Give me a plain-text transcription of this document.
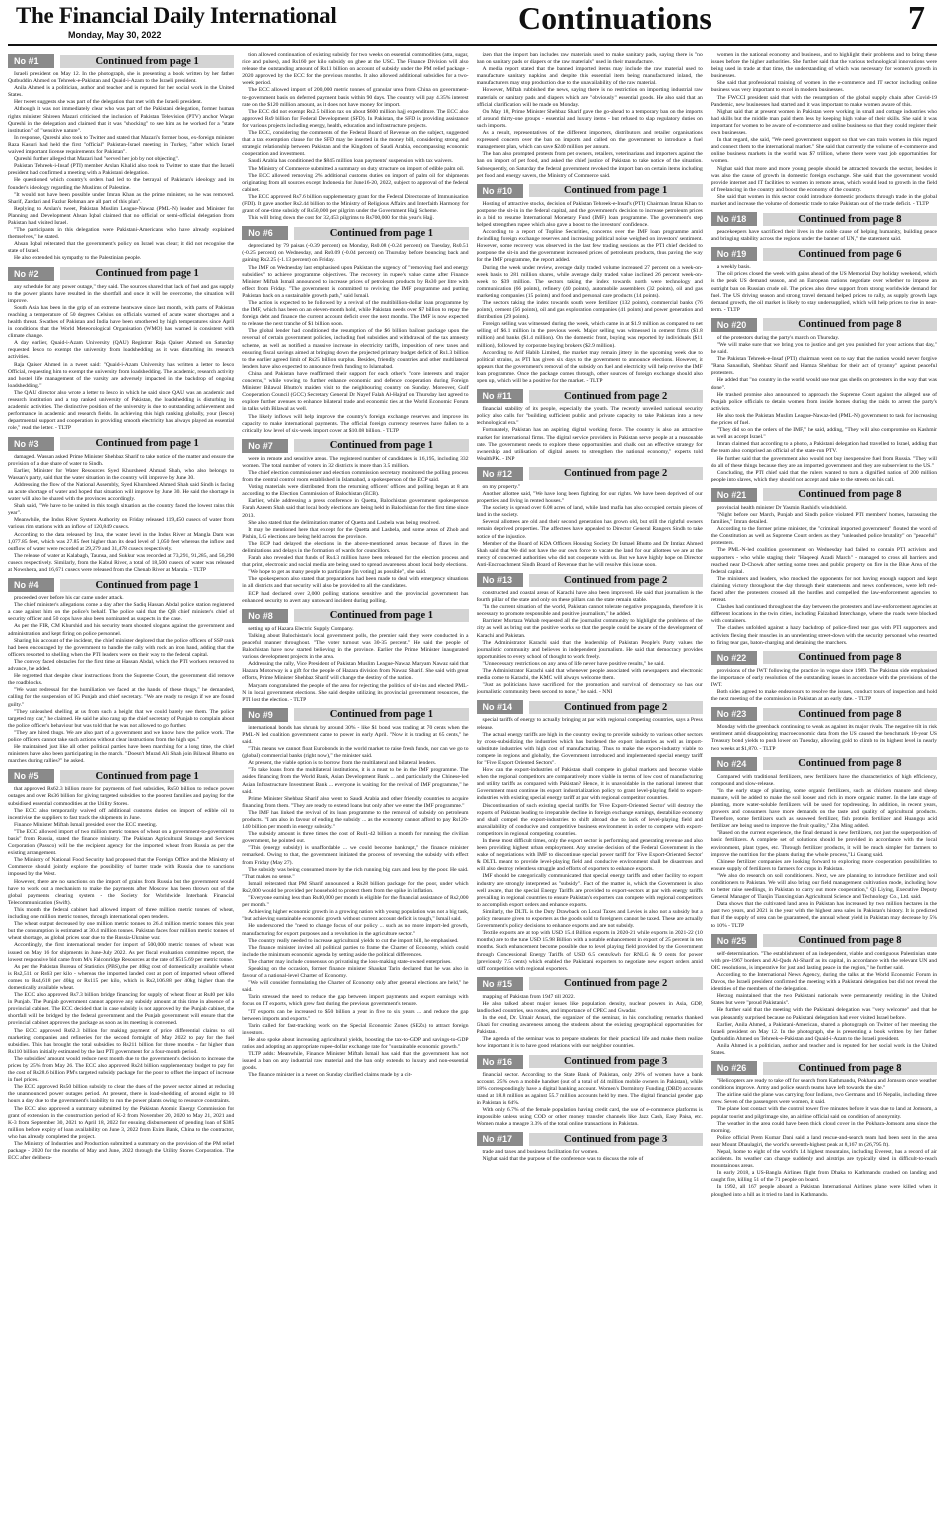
The Financial Daily International
Monday, May 30, 2022	Continuations	7
No #1	Continued from page 1

Israeli president on May 12. In the photograph, she is presenting a book written by her father Qutbuddin Ahmed on Tehreek-e-Pakistan and Quaid-i-Azam to the Israeli president.

Anila Ahmed is a politician, author and teacher and is reputed for her social work in the United States.

Her tweet suggests she was part of the delegation that met with the Israeli president.

Although it was not immediately clear who was part of the Pakistani delegation, former human rights minister Shireen Mazari criticised the inclusion of Pakistan Television (PTV) anchor Waqar Qureshi in the delegation and claimed that it was "shocking" to see him as he worked for a "state institution" of "sensitive nature".

In response, Qureshi also took to Twitter and stated that Mazari's former boss, ex-foreign minister Raza Kasuri had held the first "official" Pakistan-Israel meeting in Turkey, "after which Israel waived important license requirements for Pakistan".

Qureshi further alleged that Mazari had "served her job by not objecting".

Pakistan Tehreek-i-Insaf (PTI) member Arslan Khalid also took to Twitter to state that the Israeli president had confirmed a meeting with a Pakistani delegation.

He questioned which country's orders had led to the betrayal of Pakistan's ideology and its founder's ideology regarding the Muslims of Palestine.

"It would not have been possible under Imran Khan as the prime minister, so he was removed. Sharif, Zardari and Fazlur Rehman are all part of this plan".

Replying to Arslan's tweet, Pakistan Muslim League-Nawaz (PML-N) leader and Minister for Planning and Development Ahsan Iqbal claimed that no official or semi-official delegation from Pakistan had visited Israel.

"The participants in this delegation were Pakistani-Americans who have already explained themselves," he stated.

Ahsan Iqbal reiterated that the government's policy on Israel was clear; it did not recognise the state of Israel.

He also extended his sympathy to the Palestinian people.

No #2	Continued from page 1

any schedule for any power outage," they said. The sources shared that lack of fuel and gas supply to the power plants have resulted in the shortfall and once it will be overcome, the situation will improve.

South Asia has been in the grip of an extreme heatwave since last month, with parts of Pakistan reaching a temperature of 50 degrees Celsius on officials warned of acute water shortages and a health threat. Swathes of Pakistan and India have been smothered by high temperatures since April in conditions that the World Meteorological Organisation (WMO) has warned is consistent with climate change.

A day earlier, Quaid-i-Azam University (QAU) Registrar Raja Qaiser Ahmed on Saturday requested Iesco to exempt the university from loadshedding as it was disturbing its research activities.

Raja Qaiser Ahmed in a tweet said: "Quaid-i-Azam University has written a letter to Iesco Official, requesting him to exempt the university from loadshedding. The academic, research activity and hostel life management of the varsity are adversely impacted in the backdrop of ongoing loadshedding."

The QAU director also wrote a letter to Iesco in which he said since QAU was an academic and research institution and a top ranked university of Pakistan, the loadshedding is disturbing its academic activities. The distinctive position of the university is due to outstanding achievement and performance in academic and research fields. In achieving this high ranking globally, your (Iesco) departmental support and cooperation in providing smooth electricity has always played an essential role," read the letter. - TLTP

No #3	Continued from page 1

damaged. Wassan asked Prime Minister Shehbaz Sharif to take notice of the matter and ensure the provision of a due share of water to Sindh.

Earlier, Minister for Water Resources Syed Khursheed Ahmad Shah, who also belongs to Wassan's party, said that the water situation in the country will improve by June 30.

Addressing the flow of the National Assembly, Syed Khursheed Ahmed Shah said Sindh is facing an acute shortage of water and hoped that situation will improve by June 30. He said the shortage in water will also be shared with the provinces accordingly.

Shah said, "We have to be united in this tough situation as the country faced the lowest rains this year".

Meanwhile, the Indus River System Authority on Friday released 119,450 cusecs of water from various rim stations with an inflow of 120,849 cusecs.

According to the data released by Irsa, the water level in the Indus River at Mangla Dam was 1,077.85 feet, which was 27.85 feet higher than its dead level of 1,050 feet whereas the inflow and outflow of water were recorded at 29,279 and 31,478 cusecs respectively.

The release of water at Kalabagh, Taunsa, and Sukkur was recorded at 73,291, 91,285, and 56,290 cusecs respectively. Similarly, from the Kabul River, a total of 18,500 cusecs of water was released at Nowshera, and 16,671 cusecs were released from the Chenab River at Marala. - TLTP

No #4	Continued from page 1

proceeded over before his car came under attack.

The chief minister's allegations come a day after the Sadiq Hassan Abdal police station registered a case against him on the police's behalf. The police said that the QB chief minister's chief of security officer and 50 cops have also been nominated as suspects in the case.

As per the FIR, CM Khurshid and his security team shouted slogans against the government and administration and kept firing on police personnel.

Sharing his account of the incident, the chief minister deplored that the police officers of SSP rank had been encouraged by the government to handle the rally with rock an iron hand, adding that the officers resorted to shelling when the PTI leaders were on their way to the federal capital.

The convoy faced obstacles for the first time at Hassan Abdal, which the PTI workers removed to advance, he added.

He regretted that despite clear instructions from the Supreme Court, the government did remove the roadblocks.

"We want redressal for the humiliation we faced at the hands of these thugs," he demanded, calling for the suspension of IG Punjab and chief secretary. "We are ready to resign if we are found guilty."

"They unleashed shelling at us from such a height that we could barely see them. The police targeted my car," he claimed. He said he also rang up the chief secretary of Punjab to complain about the police officer's behaviour but was told that he was not allowed to go further.

"They are hired thugs. We are also part of a government and we know how the police work. The police officers cannot take such actions without clear instructions from the high ups."

He maintained just like all other political parties have been marching for a long time, the chief ministers have also been participating in the march. "Doesn't Murad Ali Shah join Bilawal Bhutto on marches during rallies?" he asked.

No #5	Continued from page 1

that approved Rs62.3 billion more for payments of fuel subsidies, Rs50 billion to reduce power outages and over Rs36 billion for giving targeted subsidies to the poorest families and paying for the subsidised essential commodities at the Utility Stores.

The ECC also temporarily waived off additional customs duties on import of edible oil to incentivise the suppliers to fast track the shipments in June.

Finance Minister Miftah Ismail presided over the ECC meeting.

"The ECC allowed import of two million metric tonnes of wheat on a government-to-government basis" from Russia, stated the finance ministry. The Pakistan Agricultural Storage and Services Corporation (Passco) will be the recipient agency for the imported wheat from Russia as per the existing arrangement.

The Ministry of National Food Security had proposed that the Foreign Office and the Ministry of Commerce should jointly explore the possibility of barter trade with Russia due to sanctions imposed by the West.

However, there are no sanctions on the import of grains from Russia but the government would have to work out a mechanism to make the payments after Moscow has been thrown out of the global payments clearing system - the Society for Worldwide Interbank Financial Telecommunication (Swift).

This month the federal cabinet had allowed import of three million metric tonnes of wheat, including one million metric tonnes, through international open tenders.

The wheat output decreased by one million metric tonnes to 26.4 million metric tonnes this year but the consumption is estimated at 30.4 million tonnes. Pakistan faces four million metric tonnes of wheat shortage, as global prices soar due to the Russia-Ukraine war.

Accordingly, the first international tender for import of 500,000 metric tonnes of wheat was issued on May 16 for shipments in June-July 2022. As per fiscal evaluation committee report, the lowest responsive bid came from M/s Falconridge Resources at the rate of $515.69 per metric tonne.

As per the Pakistan Bureau of Statistics (PBS),the per 40kg cost of domestically available wheat is Rs2,511 or Rs63 per kilo - whereas the imported landed cost at port of imported wheat offered comes to Rs4,618 per 40kg or Rs115 per kilo, which is Rs2,106.88 per 40kg higher than the domestically available wheat.

The ECC also approved Rs7.3 billion bridge financing for supply of wheat flour at Rs40 per kilo in Punjab. The Punjab government cannot approve any subsidy amount at this time in absence of a provincial cabinet. The ECC decided that in case subsidy is not approved by the Punjab cabinet, the shortfall will be bridged by the federal government and the Punjab government will ensure that the provincial cabinet approves the package as soon as its meeting is convened.

The ECC approved Rs62.3 billion for making payment of price differential claims to oil marketing companies and refineries for the second fortnight of May 2022 to pay for the fuel subsidies. This has brought the total subsidies to Rs211 billion for three months - far higher than Rs110 billion initially estimated by the last PTI government for a four-month period.

The subsidies' amount would reduce next month due to the government's decision to increase the prices by 25% from May 26. The ECC also approved Rs24 billion supplementary budget to pay for the cost of Rs28.6 billion PM's targeted subsidy package for the poor to offset the impact of increase in fuel prices.

The ECC approved Rs50 billion subsidy to clear the dues of the power sector aimed at reducing the unannounced power outages period. At present, there is load-shedding of around eight to 10 hours a day due to the government's inability to run the power plants owing to resource constraints.

The ECC also approved a summary submitted by the Pakistan Atomic Energy Commission for grant of extension in the construction period of K-2 from November 20, 2020 to May 21, 2021 and K-3 from September 30, 2021 to April 18, 2022 for ensuing disbursement of pending loan of $385 million before expiry of loan availability on June 3, 2022 from Exim Bank, China to the contractor, who has already completed the project.

The Ministry of Industries and Production submitted a summary on the provision of the PM relief package - 2020 for the months of May and June, 2022 through the Utility Stores Corporation. The ECC after delibera-

tion allowed continuation of existing subsidy for two weeks on essential commodities (atta, sugar, rice and pulses), and Rs160 per kilo subsidy on ghee at the USC. The Finance Division will also release the outstanding amount of Rs11 billion on account of subsidy under the PM relief package - 2020 approved by the ECC for the previous months. It also allowed additional subsidies for a two-week period.

The ECC allowed import of 200,000 metric tonnes of granular urea from China on government-to-government basis on deferred payment basis within 90 days. The country will pay 4.35% interest rate on the $120 million amount, as it does not have money for import.

The ECC did not exempt Rs2.5 billion tax on about $600 million hajj expenditure. The ECC also approved Rs9 billion for Federal Development (SFD). In Pakistan, the SFD is providing assistance for various projects including energy, health, education and infrastructure projects.

The ECC, considering the comments of the Federal Board of Revenue on the subject, suggested that a tax exemption clause for the SFD may be inserted in the money bill, considering strong and strategic relationship between Pakistan and the Kingdom of Saudi Arabia, encompassing economic cooperation and investment.

Saudi Arabia has conditioned the $845 million loan payments' suspension with tax waivers.

The Ministry of Commerce submitted a summary on duty structure on import of edible palm oil.

The ECC allowed removing 2% additional customs duties on import of palm oil for shipments originating from all sources except Indonesia for June16-20, 2022, subject to approval of the federal cabinet.

The ECC approved Rs7.6 billion supplementary grant for the Federal Directorate of Immunisation (FDI). It gave another Rs2.44 billion to the Ministry of Religious Affairs and Interfaith Harmony for grant of one-time subsidy of Rs50,000 per pilgrim under the Government Hajj Scheme.

This will bring down the cost for 32,453 pilgrims to Rs700,000 for this year's Hajj.

No #6	Continued from page 1

depreciated by 79 paisas (-0.39 percent) on Monday, Rs0.08 (-0.24 percent) on Tuesday, Rs0.51 (-0.25 percent) on Wednesday, and Rs0.09 (-0.04 percent) on Thursday before bouncing back and gaining Rs2.25 (-1.13 percent) on Friday.

The IMF on Wednesday last emphasised upon Pakistan the urgency of "removing fuel and energy subsidies" to achieve programme objectives. The recovery in rupee's value came after Finance Minister Miftah Ismail announced to increase prices of petroleum products by Rs30 per litre with effect from Friday. "The government is committed to reviving the IMF programme and putting Pakistan back on a sustainable growth path," said Ismail.

The action is expected to be followed by a revival of the multibillion-dollar loan programme by the IMF, which has been on an eleven-month hold, while Pakistan needs over $7 billion to repay the foreign debt and finance the current account deficit over the next months. The IMF is now expected to release the next tranche of $1 billion soon.

The global lender had conditioned the resumption of the $6 billion bailout package upon the reversal of certain government policies, including fuel subsidies and withdrawal of the tax amnesty scheme, as well as notified a massive increase in electricity tariffs, imposition of new taxes and ensuring fiscal savings aimed at bringing down the projected primary budget deficit of Rs1.3 billion to the earlier agreed limit of Rs25 billion surplus. Besides, friendly countries and other multilateral lenders have also expected to announce fresh funding to Islamabad.

China and Pakistan have reaffirmed their support for each other's "core interests and major concerns," while vowing to further enhance economic and defence cooperation during Foreign Minister Bilawal Bhutto's maiden visit to the neighbouring country on Sunday. Moreover, Gulf Cooperation Council (GCC) Secretary General Dr Nayef Falah Al-Hajraf on Thursday last agreed to explore further avenues to enhance bilateral trade and economic ties at the World Economic Forum in talks with Bilawal as well.

The likely inflows will help improve the country's foreign exchange reserves and improve its capacity to make international payments. The official foreign currency reserves have fallen to a critically low level of six-week import cover at $10.08 billion. - TLTP

No #7	Continued from page 1

were in remote and sensitive areas. The registered number of candidates is 16,195, including 332 women. The total number of voters in 32 districts is more than 3.5 million.

The chief election commissioner and election commission secretary monitored the polling process from the central control room established in Islamabad, a spokesperson of the ECP said.

Voting materials were distributed from the returning officers' offices and polling began at 8 am according to the Election Commission of Balochistan (ECB).

Earlier, while addressing a press conference in Quetta, Balochistan government spokesperson Farah Azeem Shah said that local body elections are being held in Balochistan for the first time since 2013.

She also stated that the delimitation matter of Quetta and Lasbela was being resolved.

It may be mentioned here that except for the Quetta and Lasbela, and some areas of Zhob and Pishin, LG elections are being held across the province.

The ECP had delayed the elections in the above-mentioned areas because of flaws in the delimitations and delays in the formation of wards for councillors.

Farah also revealed that funds of Rs4.3 million have been released for the election process and that print, electronic and social media are being used to spread awareness about local body elections.

"We hope to get as many people to participate [in voting] as possible", she said.

The spokesperson also stated that preparations had been made to deal with emergency situations in all districts and that security will also be provided to all the candidates.

ECP had declared over 2,000 polling stations sensitive and the provincial government has enhanced security to avert any untoward incident during polling.

No #8	Continued from page 1

setting up of Hazara Electric Supply Company.

Talking about Balochistan's local government polls, the premier said they were conducted in a peaceful manner throughout. "The voter turnout was 30-35 percent." He said the people of Balochistan have now started believing in the province. Earlier the Prime Minister inaugurated various development projects in the area.

Addressing the rally, Vice President of Pakistan Muslim League-Nawaz Maryam Nawaz said that Hazara Motorway is a gift for the people of Hazara division from Nawaz Sharif. She said with great efforts, Prime Minister Shehbaz Sharif will change the destiny of the nation.

Maryam congratulated the people of the area for rejecting the politics of sit-ins and elected PML-N in local government elections. She said despite utilizing its provincial government resources, the PTI lost the election. - TLTP

No #9	Continued from page 1

international bonds has shrunk by around 30% - like $1 bond was trading at 70 cents when the PML-N led coalition government came to power in early April. "Now it is trading at 65 cents," he said.

"This means we cannot float Eurobonds in the world market to raise fresh funds, nor can we go to (global) commercial banks (right now)," the minister said.

At present, the viable option is to borrow from the multilateral and bilateral lenders.

"To take loans from the multilateral institutions, it is a must to be in the IMF programme. The asides financing from the World Bank, Asian Development Bank ... and particularly the Chinese-led Asian Infrastructure Investment Bank ... everyone is waiting for the revival of IMF programme," he said.

Prime Minister Shehbaz Sharif also went to Saudi Arabia and other friendly countries to acquire financing from them. "They are ready to extend loans but only after we enter the IMF programme."

The IMF has linked the revival of its loan programme to the removal of subsidy on petroleum products. "I am also in favour of ending the subsidy ... as the economy cannot afford to pay Rs120-140 billion per month in energy subsidy."

The subsidy amount is three times the cost of Rs41-42 billion a month for running the civilian government, he pointed out.

"This (energy subsidy) is unaffordable ... we could become bankrupt," the finance minister remarked. Owing to that, the government initiated the process of reversing the subsidy with effect from Friday (May 27).

The subsidy was being consumed more by the rich running big cars and less by the poor. He said. "That makes no sense."

Ismail reiterated that PM Sharif announced a Rs28 billion package for the poor, under which Rs2,000 would be provided per household to protect them from the spike in inflation.

"Everyone earning less than Rs40,000 per month is eligible for the financial assistance of Rs2,000 per month."

Achieving higher economic growth in a growing nation with young population was not a big task, "but achieving sustainable economic growth without current account deficit is tough," Ismail said.

He underscored the "need to change focus of our policy ... such as no more import-led growth, manufacturing for export purposes and a revolution in the agriculture sector."

The country really needed to increase agricultural yields to cut the import bill, he emphasised.

The finance minister invited all political parties to frame the Charter of Economy, which could include the minimum economic agenda by setting aside the political differences.

The charter may include consensus on privatising the loss-making state-owned enterprises.

Speaking on the occasion, former finance minister Shaukat Tarin declared that he was also in favour of a national-level Charter of Economy.

"We will consider formulating the Charter of Economy only after general elections are held," he said.

Tarin stressed the need to reduce the gap between import payments and export earnings with focus on IT exports, which grew fast during the previous government's tenure.

"IT exports can be increased to $50 billion a year in five to six years ... and reduce the gap between imports and exports."

Tarin called for fast-tracking work on the Special Economic Zones (SEZs) to attract foreign investors.

He also spoke about increasing agricultural yields, boosting the tax-to-GDP and savings-to-GDP ratios and adopting an appropriate rupee-dollar exchange rate for "sustainable economic growth."

TLTP adds: Meanwhile, Finance Minister Miftah Ismail has said that the government has not issued a ban on any industrial raw material and the ban only extends to luxury and non-essential goods.

The finance minister in a tweet on Sunday clarified claims made by a cit-

izen that the import ban includes raw materials used to make sanitary pads, saying there is "no ban on sanitary pads or diapers or the raw materials" used in their manufacture.

A media report stated that the banned imported items may include the raw material used to manufacture sanitary napkins and despite this essential item being manufactured inland, the manufacturers may stop production due to the unavailability of the raw material.

However, Miftah rubbished the news, saying there is no restriction on importing industrial raw materials or sanitary pads and diapers which are "obviously" essential goods. He also said that an official clarification will be made on Monday.

On May 18, Prime Minister Shehbaz Sharif gave the go-ahead to a temporary ban on the imports of around thirty-one groups - essential and luxury items - but refused to slap regulatory duties on such imports.

As a result, representatives of the different importers, distributors and retailer organisations expressed concern over the ban on imports and called on the government to introduce a fuel management plan, which can save $240 million per annum.

The ban also prompted protests from pet owners, retailers, veterinarians and importers against the ban on import of pet food, and asked the chief justice of Pakistan to take notice of the situation. Subsequently, on Saturday the federal government revoked the import ban on certain items including pet food and energy savers, the Ministry of Commerce said.

No #10	Continued from page 1

Hosting of attractive stocks, decision of Pakistan Tehreek-e-Insaf's (PTI) Chairman Imran Khan to postpone the sit-in in the federal capital, and the government's decision to increase petroleum prices in a bid to resume International Monetary Fund (IMF) loan programme. The government's step helped strengthen rupee which also gave a boost to the investors' confidence.

According to a report of Topline Securities, concerns over the IMF loan programme amid dwindling foreign exchange reserves and increasing political noise weighed on investors' sentiment. However, some recovery was observed in the last few trading sessions as the PTI chief decided to postpone the sit-in and the government increased prices of petroleum products, thus paving the way for the IMF programme, the report added.

During the week under review, average daily traded volume increased 27 percent on a week-on-week basis to 281 million shares, while average daily traded value inclined 26 percent week-on-week to $39 million. The sectors taking the index towards north were technology and communication (66 points), refinery (40 points), automobile assemblers (32 points), oil and gas marketing companies (15 points) and food and personal care products (14 points).

The sectors taking the index towards south were fertilizer (132 points), commercial banks (76 points), cement (56 points), oil and gas exploration companies (41 points) and power generation and distribution (29 points).

Foreign selling was witnessed during the week, which came in at $1.9 million as compared to net selling of $6.1 million in the previous week. Major selling was witnessed in cement firms ($1.8 million) and banks ($1.4 million). On the domestic front, buying was reported by individuals ($11 million), followed by corporate buying brokers ($2.9 million).

According to Arif Habib Limited, the market may remain jittery in the upcoming week due to political strains, as PTI has given six days to the government to announce elections. However, it appears that the government's removal of the subsidy on fuel and electricity will help revive the IMF loan programme. Once the package comes through, other sources of foreign exchange should also open up, which will be a positive for the market. - TLTP

No #11	Continued from page 2

financial stability of its people, especially the youth. The recently unveiled national security policy also calls for "building sufficient public and private capacity to take Pakistan into a new technological era."

Fortunately, Pakistan has an aspiring digital working force. The country is also an attractive market for international firms. The digital service providers in Pakistan serve people at a reasonable rate. The government needs to explore these opportunities and chalk out an effective strategy for ownership and utilisation of digital assets to strengthen the national economy," experts told WealthPK. - INP

No #12	Continued from page 2

on my property."

Another allottee said, "We have long been fighting for our rights. We have been deprived of our properties and living in rented houses."

The society is spread over 6.08 acres of land, while land mafia has also occupied certain pieces of land in the society.

Several allottees are old and their second generation has grown old, but still the rightful owners remain deprived properties. The affectees have appealed to Director General Rangers Sindh to take notice of the injustice.

Member of the Board of KDA Officers Housing Society Dr Ismael Bhutto and Dr Imtiaz Ahmed Shah said that We did not have the our own force to vacate the land for our allottees we are at the mercy of concerned authorities who did not cooperate with us. But we have highly hope on Director Anti-Encroachment Sindh Board of Revenue that he will resolve this issue soon.

No #13	Continued from page 2

constructed and coastal areas of Karachi have also been improved. He said that journalism is the fourth pillar of the state and only on these pillars can the state remain stable.

"In the current situation of the world, Pakistan cannot tolerate negative propaganda, therefore it is necessary to promote responsible and positive journalism," he added.

Barrister Murtaza Wahab requested all the journalist community to highlight the problems of the city as well as bring out the positive works so that the people could be aware of the development of Karachi and Pakistan.

The Administrator Karachi said that the leadership of Pakistan People's Party values the journalistic community and believes in independent journalism. He said that democracy provides opportunities to every school of thought to work freely.

"Unnecessary restrictions on any area of life never have positive results," he said.

The Administrator Karachi said that whenever people associated with newspapers and electronic media come to Karachi, the KMC will always welcome them.

"Just as politicians have sacrificed for the promotion and survival of democracy so has our journalistic community been second to none," he said. - NNI

No #14	Continued from page 2

special tariffs of energy to actually bringing at par with regional competing countries, says a Press release.

The actual energy tariffs are high in the country owing to provide subsidy to various other sectors by cross-subsidizing the industries which has burdened the export industries as well as import-substitute industries with high cost of manufacturing. Thus to make the export-industry viable to compete in regions and globally, the Government introduced and implemented special energy tariff for "Five Export Oriented Sectors".

How can the export-industries of Pakistan shall compete in global markets and become viable when the regional competitors are comparatively more viable in terms of low cost of manufacturing and utility tariffs as compared with Pakistan? Hence, it is unavoidable in the national interest that Government must continue its export industrialization policy to grant level-playing field to export-industries with existing special energy tariff at par with regional competitor countries.

Discontinuation of such existing special tariffs for 'Five Export-Oriented Sector' will destroy the exports of Pakistan leading to irreparable decline in foreign exchange earnings, destabilize economy and shall compel the export-industries to shift abroad due to lack of level-playing field and unavailability of conducive and competitive business environment in order to compete with export-competitors in regional competing countries.

In these most difficult times, only the export sector is performing and generating revenue and also been providing highest urban employment. Any unwise decision of the Federal Government in the wake of negotiations with IMF to discontinue special power tariff for 'Five Export-Oriented Sector' & DLTL meant to provide level-playing field and conducive environment shall be disastrous and will also destroy relentless struggle and efforts of exporters to enhance exports.

IMF should be categorically communicated that special energy tariffs and other facility to export industry are strongly interpreted as "subsidy". Fact of the matter is, which the Government is also well aware, that the special Energy Tariffs are provided to export-sectors at par with energy tariffs prevailing in regional countries to ensure Pakistan's exporters can compete with regional competitors to accomplish export orders and enhance exports.

Similarly, the DLTL is the Duty Drawback on Local Taxes and Levies is also not a subsidy but a policy measure given to exporters as the goods sold to foreigners cannot be taxed. These are actually Government's policy decisions to enhance exports and are not subsidy.

Textile exports are at top with USD 15.4 Billion exports in 2020-21 while exports in 2021-22 (10 months) are to the tune USD 15.98 Billion with a notable enhancement in export of 25 percent in ten months. Such enhancement become possible due to level playing field provided by the Government through Concessional Energy Tariffs of USD 6.5 cents/kwh for RNLG & 9 cents for power (previously 7.5 cents) which enabled the Pakistani exporters to negotiate new export orders amid stiff competition with regional exporters.

No #15	Continued from page 2

mapping of Pakistan from 1947 till 2022.

He also talked about major issues like population density, nuclear powers in Asia, GDP, landlocked countries, sea routes, and importance of CPEC and Gwadar.

In the end, Dr. Umair Ansari, the organizer of the seminar, in his concluding remarks thanked Ghazi for creating awareness among the students about the existing geographical opportunities for Pakistan.

The agenda of the seminar was to prepare students for their practical life and make them realize how important it is to have good relations with our neighbor countries.

No #16	Continued from page 3

financial sector. According to the State Bank of Pakistan, only 29% of women have a bank account. 25% own a mobile handset (out of a total of 44 million mobile owners in Pakistan), while 18% correspondingly have a digital banking account. Women's Dormitory Funding (DBD) accounts stand at 18.8 million as against 55.7 million accounts held by men. The digital financial gender gap in Pakistan is 64%.

With only 6.7% of the female population having credit card, the use of e-commerce platforms is impossible unless using COD or other money transfer channels like Jazz Cash, Easy Paisa, etc. Women make a meagre 3.3% of the total online transactions in Pakistan.

No #17	Continued from page 3

trade and taxes and business facilitation for women.

Nighat said that the purpose of the conference was to discuss the role of

women in the national economy and business, and to highlight their problems and to bring these issues before the higher authorities. She further said that the various technological innovations were being used in trade at that time, the understanding of which was necessary for women's growth in businesses.

She said that professional training of women in the e-commerce and IT sector including online business was very important to excel in modern businesses.

The FWCCI president said that with the resumption of the global supply chain after Covid-19 Pandemic, new businesses had started and it was important to make women aware of this.

Nighat said that at present women in Pakistan were working in small and cottage industries who had skills but the middle man paid them less by keeping high value of their skills. She said it was important for women to be aware of e-commerce and online business so that they could register their own businesses.

In that regard, she said, "We need government support so that we can train women in this regard and connect them to the international market." She said that currently the volume of e-commerce and online business markets in the world was $7 trillion, where there were vast job opportunities for women.

Nighat said that more and more young people should be attracted towards the sector, besides it was also the cause of growth in domestic foreign exchange. She said that the government would provide internet and IT facilities to women in remote areas, which would lead to growth in the field of freelancing in the country and boost the economy of the country.

She said that women in this sector could introduce domestic products through trade in the global market and increase the volume of domestic trade to take Pakistan out of the trade deficit. - TLTP

No #18	Continued from page 8

peacekeepers have sacrificed their lives in the noble cause of helping humanity, building peace and bringing stability across the regions under the banner of UN," the statement said.

No #19	Continued from page 6

a weekly basis.

The oil prices closed the week with gains ahead of the US Memorial Day holiday weekend, which is the peak US demand season, and an European nations negotiate over whether to impose an outright ban on Russian crude oil. The prices also drew support from strong worldwide demand for fuel. The US driving season and strong travel demand helped prices to rally, as supply growth lags demand growth, the oil market is likely to stay undersupplied, which will help prices to rise in near-term. - TLTP

No #20	Continued from page 8

of the protestors during the party's march on Thursday.

"We will make sure that we bring you to justice and get you punished for your actions that day," he said.

The Pakistan Tehreek-e-Insaf (PTI) chairman went on to say that the nation would never forgive "Rana Sanaullah, Shehbaz Sharif and Hamza Shehbaz for their act of tyranny" against peaceful protesters.

He added that "no country in the world would use tear gas shells on protesters in the way that was done".

He trashed promise also announced to approach the Supreme Court against the alleged use of Punjab police officials to detain women from inside homes during the raids to arrest the party's activists.

He also took the Pakistan Muslim League-Nawaz-led (PML-N) government to task for increasing the prices of fuel.

"They did so on the orders of the IMF," he said, adding, "They will also compromise on Kashmir as well as accept Israel."

Imran claimed that according to a photo, a Pakistani delegation had travelled to Israel, adding that the team also comprised an official of the state-run PTV.

He further said that the government also would not buy inexpensive fuel from Russia. "They will do all of these things because they are an imported government and they are subservient to the US."

Concluding, the PTI chief said that the rulers wanted to turn a dignified nation of 200 million people into slaves, which they should not accept and take to the streets on his call.

No #21	Continued from page 8

provincial health minister Dr Yasmin Rashid's windshield.

"Night before our March, Punjab and Sindh police violated PTI members' homes, harassing the families," Imran detailed.

According to the former prime minister, the "criminal imported government" flouted the word of the Constitution as well as Supreme Court orders as they "unleashed police brutality" on "peaceful" protesters.

The PML-N-led coalition government on Wednesday had failed to contain PTI activists and supporters - who while staging their "Haqeeqi Azadi March" - managed to cross all barriers and reached near D-Chowk after setting some trees and public property on fire in the Blue Area of the federal capital.

The ministers and leaders, who mocked the opponents for not having enough support and kept claiming victory throughout the day through their statements and news conferences, were left red-faced after the protesters crossed all the hurdles and compelled the law-enforcement agencies to retreat.

Clashes had continued throughout the day between the protesters and law-enforcement agencies at different locations in the twin cities, including Faizabad Interchange, where the roads were blocked with containers.

The clashes unfolded against a hazy backdrop of police-fired tear gas with PTI supporters and activists flexing their muscles in an unrelenting street-down with the security personnel who resorted to firing tear gas, baton-charging and detaining the marchers.

No #22	Continued from page 8

provisions of the IWT following the practice in vogue since 1989. The Pakistan side emphasised the importance of early resolution of the outstanding issues in accordance with the provisions of the IWT.

Both sides agreed to make endeavours to resolve the issues, conduct tours of inspection and hold the next meeting of the commission in Pakistan at an early date. - TLTP

No #23	Continued from page 8

Monday with the greenback continuing to weak as against its major rivals. The negative tilt in risk sentiment amid disappointing macroeconomic data from the US caused the benchmark 10-year US Treasury bond yields to push lower on Tuesday, allowing gold to climb to its highest level in nearly two weeks at $1,870. - TLTP

No #24	Continued from page 8

Compared with traditional fertilizers, new fertilizers have the characteristics of high efficiency, compound and slow-release.

"In the early stage of planting, some organic fertilizers, such as chicken manure and sheep manure, will be added to make the soil looser and rich in more organic matter. In the late stage of planting, more water-soluble fertilizers will be used for topdressing. In addition, in recent years, growers and consumers have more demands on the taste and quality of agricultural products. Therefore, some fertilizers such as seaweed fertilizer, fish protein fertilizer and Huangqu acid fertilizer are being used to improve the fruit quality," Zhu Ming added.

"Based on the current experience, the final demand is new fertilizers, not just the superposition of basic fertilizers. A complete set of solutions should be provided in accordance with the local environment, plant types, etc. Through fertilizer products, it will be much simpler for farmers to improve the nutrition for the plants during the whole process,"Li Guang said.

Chinese fertilizer companies are looking forward to exploring more cooperation possibilities to ensure supply of fertilizers to farmers for crops in Pakistan.

"We also do research on soil conditioners. Next, we are planning to introduce fertilizer and soil conditioners to Pakistan. We will also bring our field management cultivation mode, including how to better raise seedlings, in Pakistan to carry out more cooperation," Qi Liying, Executive Deputy General Manager of Tianjin Tianxingxian Agricultural Science and Technology Co., Ltd. said.

Data shows that the cultivated land area in Pakistan has increased by two million hectares in the past two years, and 2021 is the year with the highest area sales in Pakistan's history. It is predicted that if the supply of urea can be guaranteed, the annual wheat yield in Pakistan may decrease by 5% to 10% - TLTP

No #25	Continued from page 8

self-determination. "The establishment of an independent, viable and contiguous Palestinian state with pre-1967 borders and Al-Quds Al-Sharif as its capital, in accordance with the relevant UN and OIC resolutions, is imperative for just and lasting peace in the region," he further said.

According to the International News Agency, during the talks at the World Economic Forum in Davos, the Israeli president confirmed the meeting with a Pakistani delegation but did not reveal the identities of the members of the delegation.

Herzog maintained that the two Pakistani nationals were permanently residing in the United States but were "proud Pakistanis".

He further said that the meeting with the Pakistani delegation was "very welcome" and that he was pleasantly surprised because no Pakistani delegation had ever visited Israel before.

Earlier, Anila Ahmed, a Pakistani-American, shared a photograph on Twitter of her meeting the Israeli president on May 12. In the photograph, she is presenting a book written by her father Qutbuddin Ahmed on Tehreek-e-Pakistan and Quaid-i-Azam to the Israeli president.

Anila Ahmed is a politician, author and teacher and is reputed for her social work in the United States.

No #26	Continued from page 8

"Helicopters are ready to take off for search from Kathmandu, Pokhara and Jomsom once weather conditions improve. Army and police search teams have left towards the site."

The airline said the plane was carrying four Indians, two Germans and 16 Nepalis, including three crew. Seven of the passengers were women, it said.

The plane lost contact with the control tower five minutes before it was due to land at Jomsom, a popular tourist and pilgrimage site, an airline official said on condition of anonymity.

The weather in the area could have been thick cloud cover in the Pokhara-Jomsom area since the morning.

Police official Prem Kumar Dani said a land rescue-and-search team had been sent in the area near Mount Dhaulagiri, the world's seventh-highest peak at 8,167 m (26,795 ft).

Nepal, home to eight of the world's 14 highest mountains, including Everest, has a record of air accidents. Its weather can change suddenly and airstrips are typically sited in difficult-to-reach mountainous areas.

In early 2018, a US-Bangla Airlines flight from Dhaka to Kathmandu crashed on landing and caught fire, killing 51 of the 71 people on board.

In 1992, all 167 people aboard a Pakistan International Airlines plane were killed when it ploughed into a hill as it tried to land in Kathmandu.
